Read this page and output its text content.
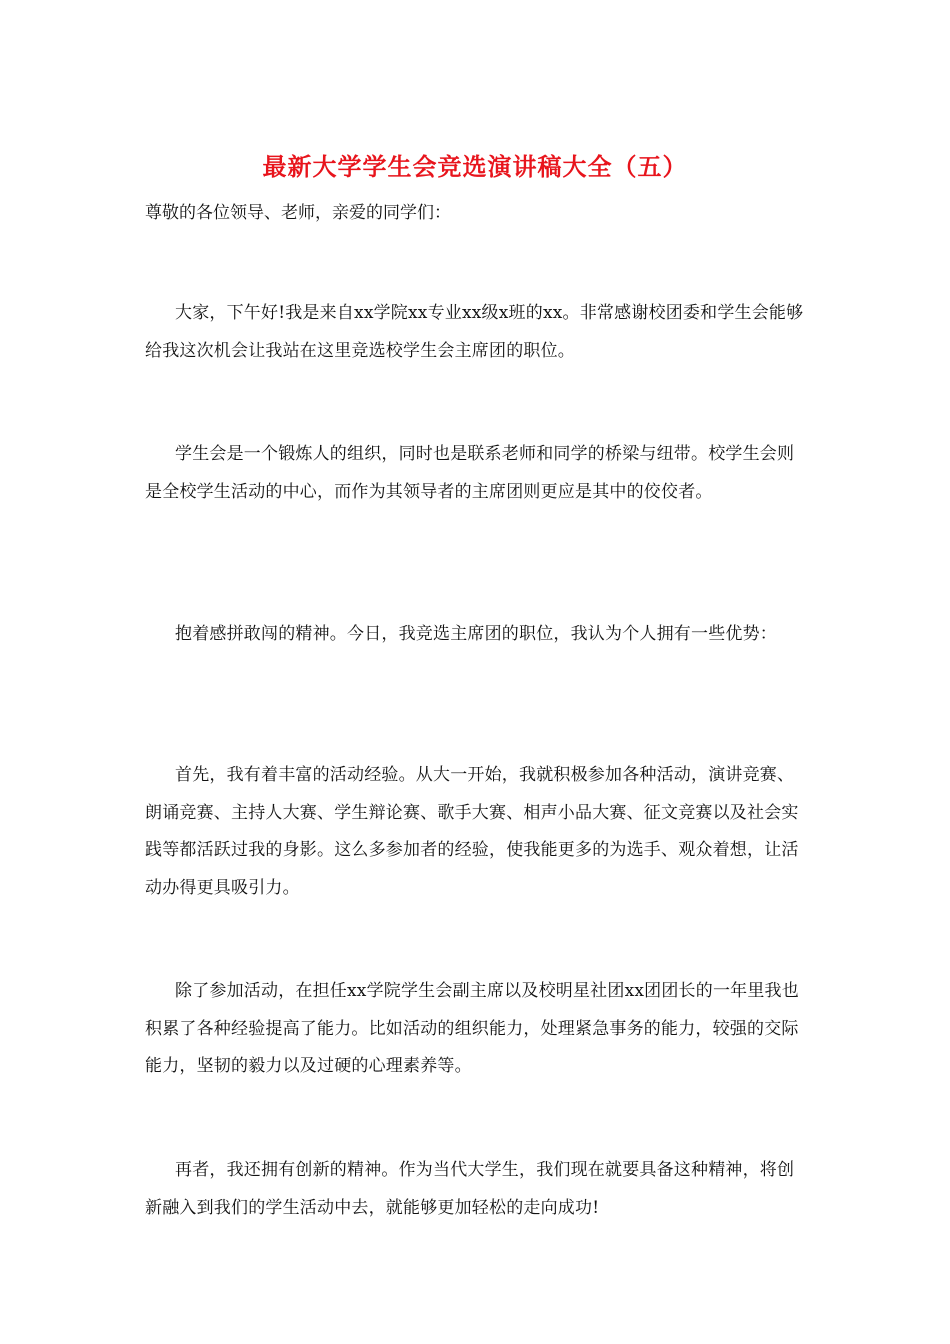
最新大学学生会竞选演讲稿大全（五）
尊敬的各位领导、老师，亲爱的同学们：
大家，下午好!我是来自xx学院xx专业xx级x班的xx。非常感谢校团委和学生会能够给我这次机会让我站在这里竞选校学生会主席团的职位。
学生会是一个锻炼人的组织，同时也是联系老师和同学的桥梁与纽带。校学生会则是全校学生活动的中心，而作为其领导者的主席团则更应是其中的佼佼者。
抱着感拼敢闯的精神。今日，我竞选主席团的职位，我认为个人拥有一些优势：
首先，我有着丰富的活动经验。从大一开始，我就积极参加各种活动，演讲竞赛、朗诵竞赛、主持人大赛、学生辩论赛、歌手大赛、相声小品大赛、征文竞赛以及社会实践等都活跃过我的身影。这么多参加者的经验，使我能更多的为选手、观众着想，让活动办得更具吸引力。
除了参加活动，在担任xx学院学生会副主席以及校明星社团xx团团长的一年里我也积累了各种经验提高了能力。比如活动的组织能力，处理紧急事务的能力，较强的交际能力，坚韧的毅力以及过硬的心理素养等。
再者，我还拥有创新的精神。作为当代大学生，我们现在就要具备这种精神，将创新融入到我们的学生活动中去，就能够更加轻松的走向成功!
